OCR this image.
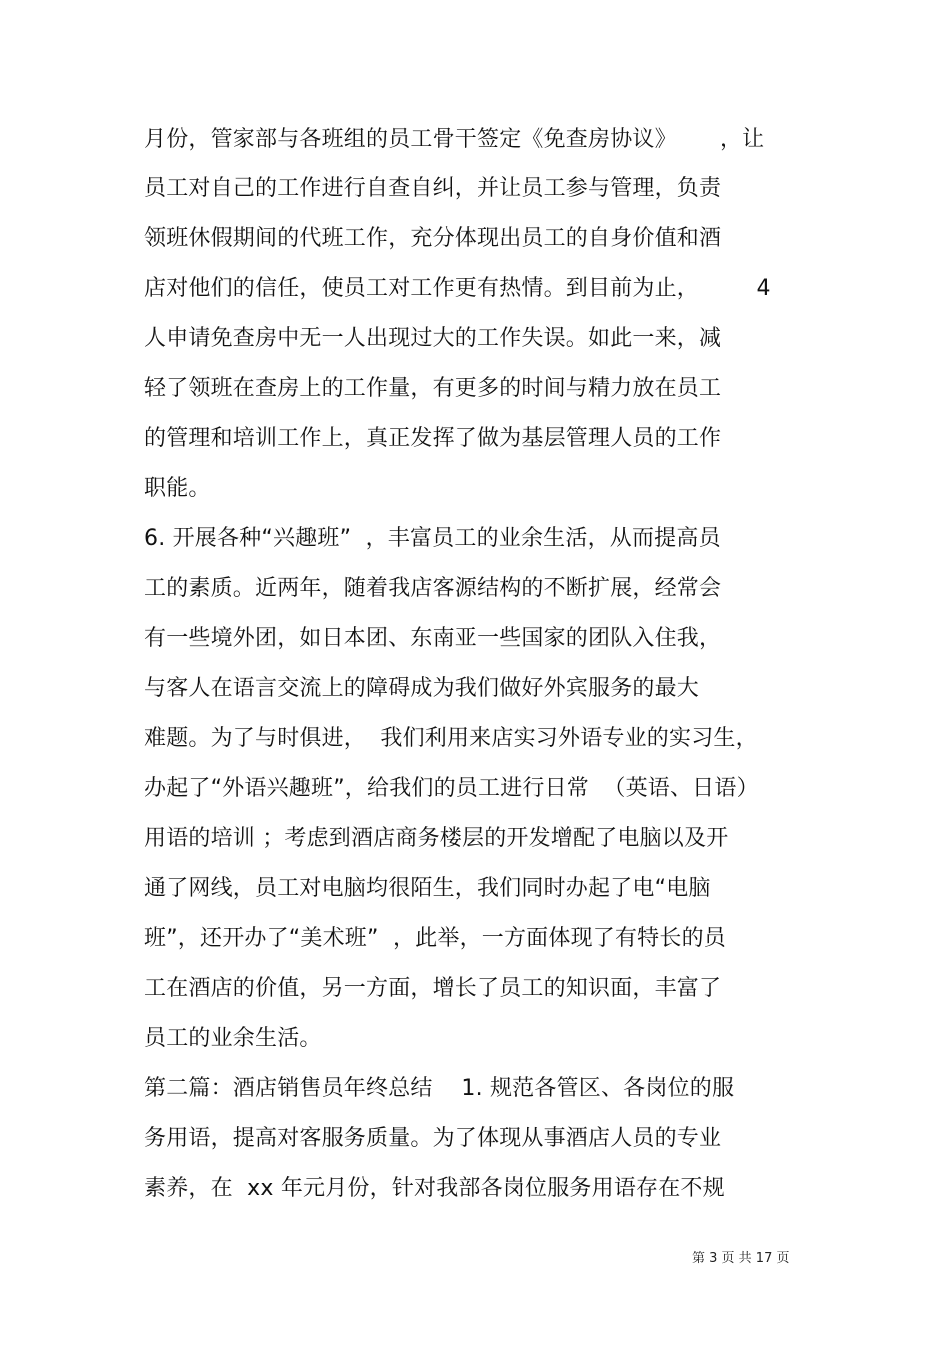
月份，管家部与各班组的员工骨干签定《免查房协议》      ，让
员工对自己的工作进行自查自纠，并让员工参与管理，负责
领班休假期间的代班工作，充分体现出员工的自身价值和酒
店对他们的信任，使员工对工作更有热情。到目前为止，        4
人申请免查房中无一人出现过大的工作失误。如此一来，减
轻了领班在查房上的工作量，有更多的时间与精力放在员工
的管理和培训工作上，真正发挥了做为基层管理人员的工作
职能。
6. 开展各种“兴趣班”  ，丰富员工的业余生活，从而提高员
工的素质。近两年，随着我店客源结构的不断扩展，经常会
有一些境外团，如日本团、东南亚一些国家的团队入住我，
与客人在语言交流上的障碍成为我们做好外宾服务的最大
难题。为了与时俱进，  我们利用来店实习外语专业的实习生，
办起了“外语兴趣班”，给我们的员工进行日常  （英语、日语）
用语的培训 ；考虑到酒店商务楼层的开发增配了电脑以及开
通了网线，员工对电脑均很陌生，我们同时办起了电“电脑
班”，还开办了“美术班”  ，此举，一方面体现了有特长的员
工在酒店的价值，另一方面，增长了员工的知识面，丰富了
员工的业余生活。
第二篇：酒店销售员年终总结    1. 规范各管区、各岗位的服
务用语，提高对客服务质量。为了体现从事酒店人员的专业
素养，在  xx 年元月份，针对我部各岗位服务用语存在不规
第 3 页 共 17 页
